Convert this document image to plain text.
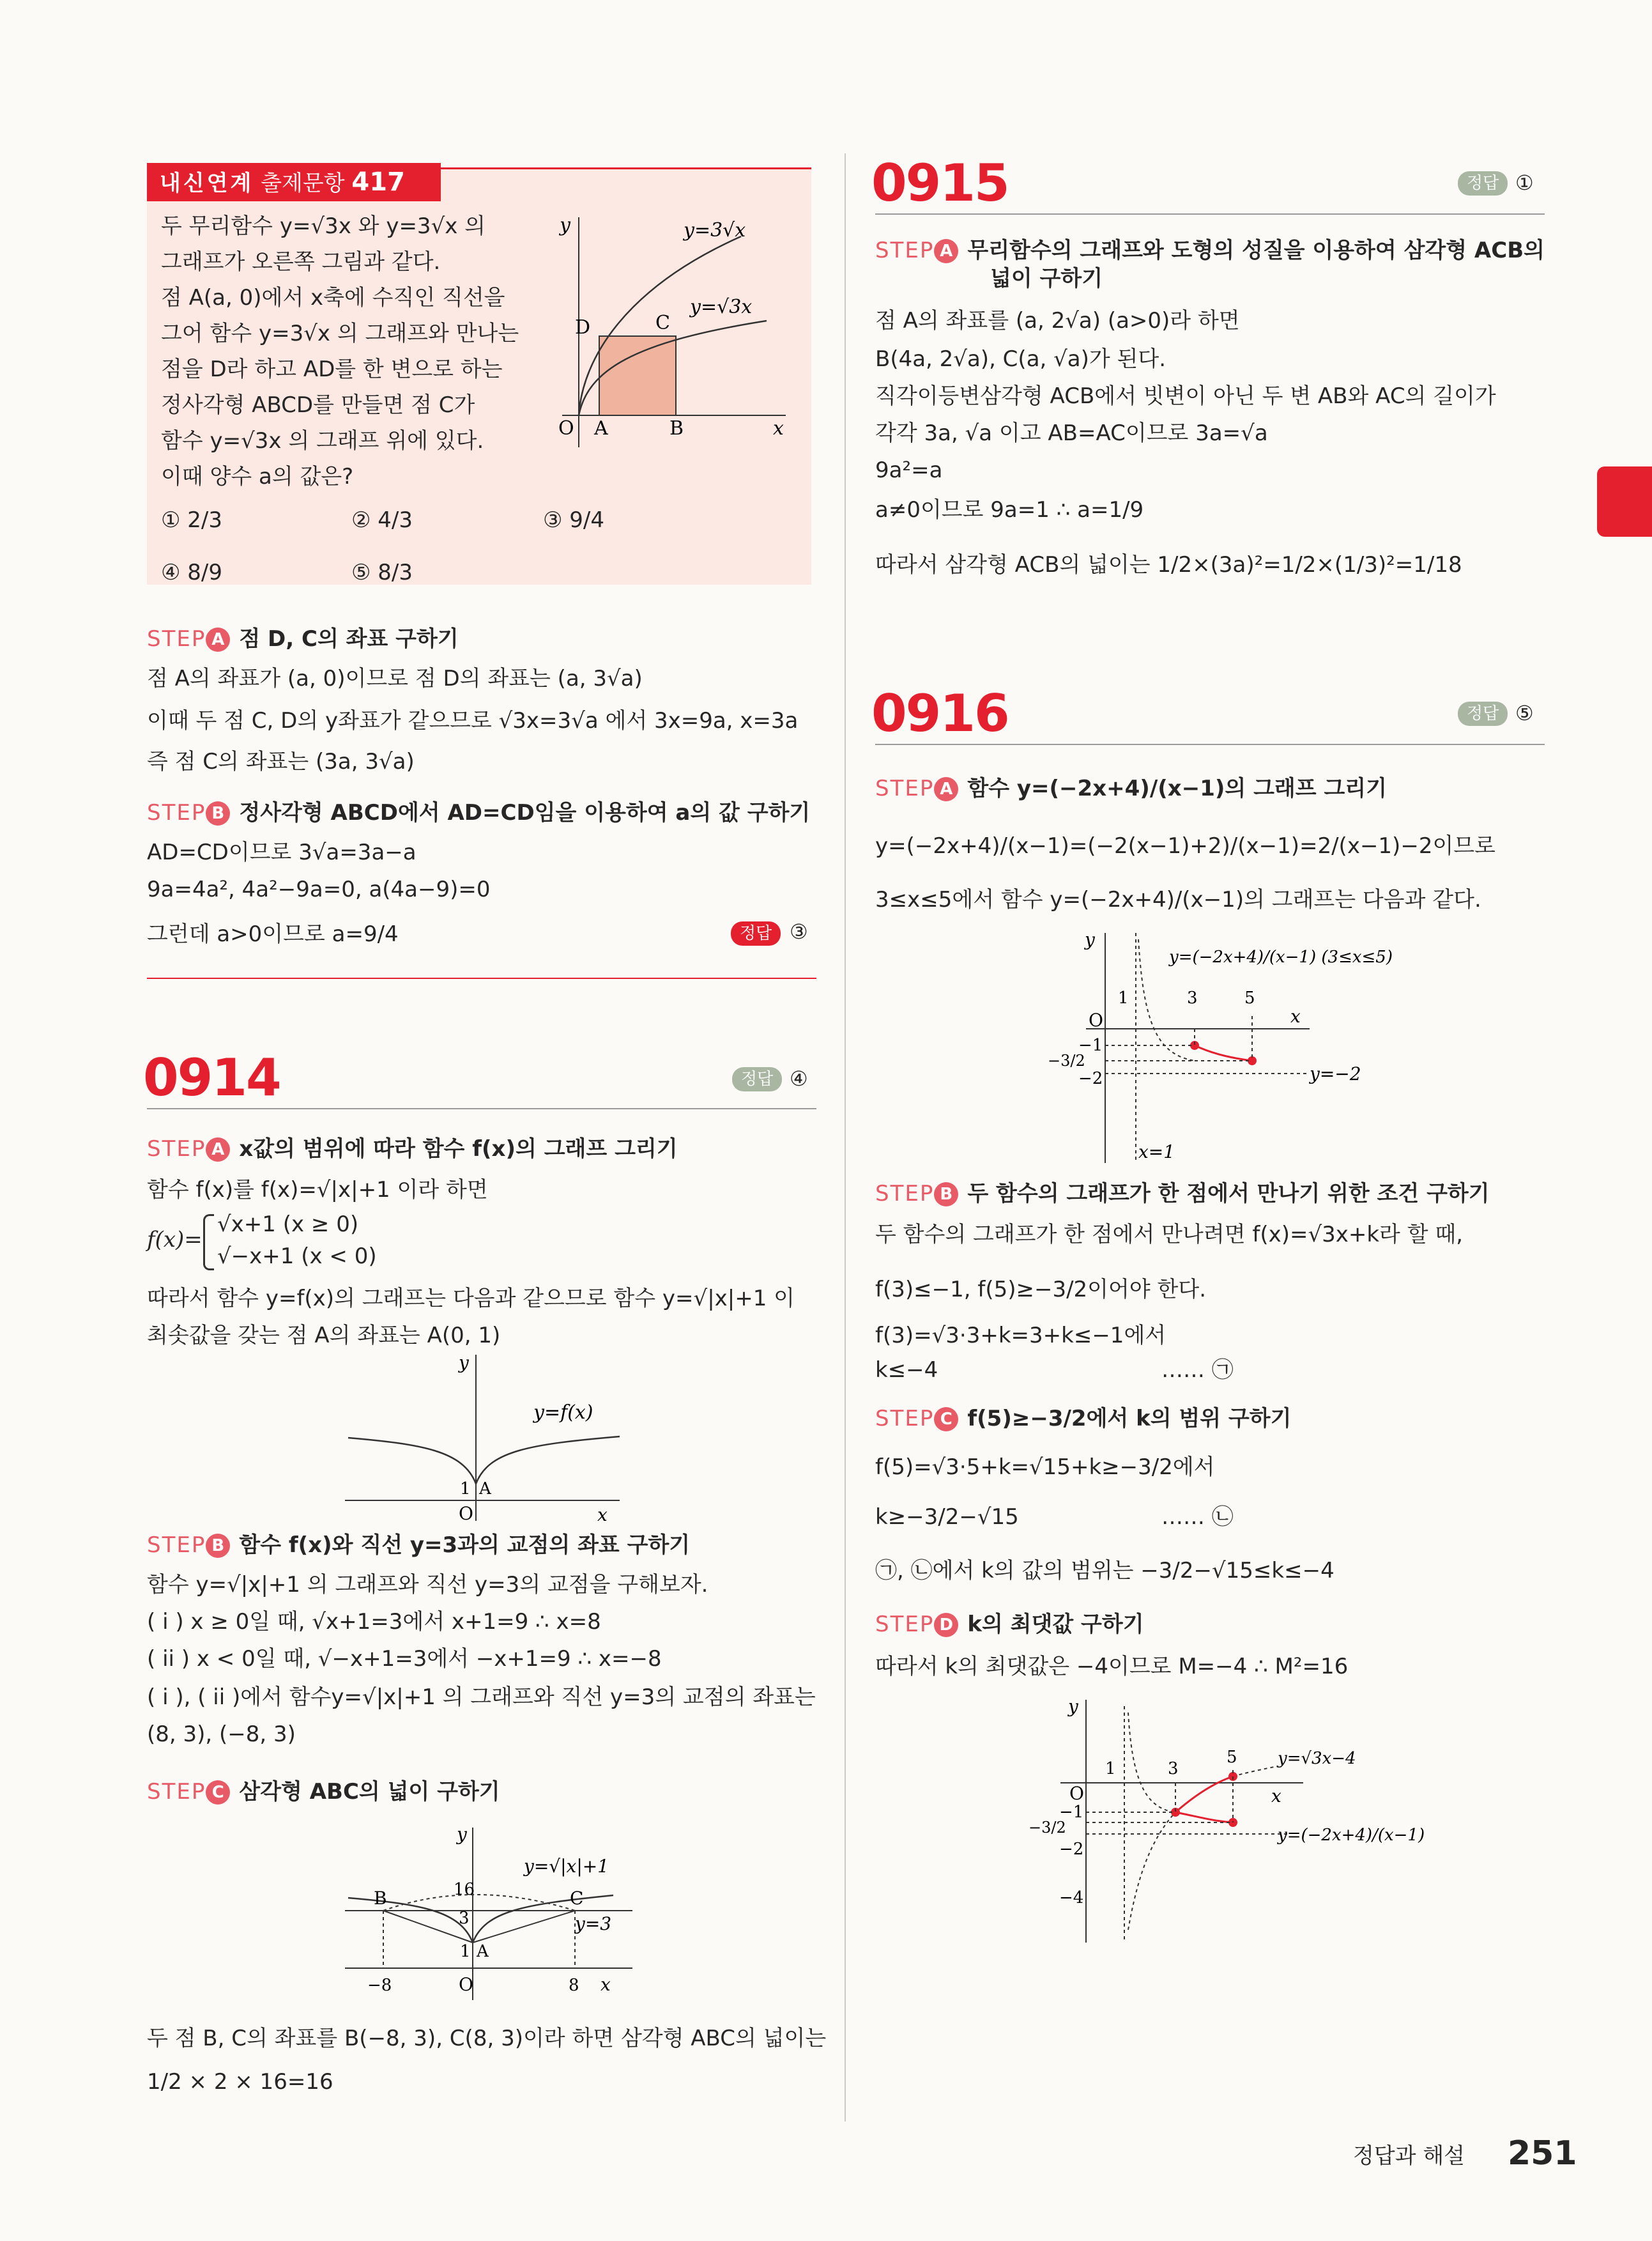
내신연계 출제문항 417
두 무리함수 y=√3x 와 y=3√x 의
그래프가 오른쪽 그림과 같다.
점 A(a, 0)에서 x축에 수직인 직선을
그어 함수 y=3√x 의 그래프와 만나는
점을 D라 하고 AD를 한 변으로 하는
정사각형 ABCD를 만들면 점 C가
함수 y=√3x 의 그래프 위에 있다.
이때 양수 a의 값은?
y
x
O A	B
C
D
y=3√x
y=√3x
① 2/3	② 4/3	③ 9/4
④ 8/9	⑤ 8/3
STEP A 점 D, C의 좌표 구하기
점 A의 좌표가 (a, 0)이므로 점 D의 좌표는 (a, 3√a)
이때 두 점 C, D의 y좌표가 같으므로 √3x=3√a 에서 3x=9a, x=3a
즉 점 C의 좌표는 (3a, 3√a)
STEP B 정사각형 ABCD에서 AD=CD임을 이용하여 a의 값 구하기
AD=CD이므로 3√a=3a−a
9a=4a², 4a²−9a=0, a(4a−9)=0
그런데 a>0이므로 a=9/4	정답 ③
0914	정답 ④
STEP A x값의 범위에 따라 함수 f(x)의 그래프 그리기
함수 f(x)를 f(x)=√|x|+1 이라 하면
f(x)=
√x+1 (x ≥ 0)
√−x+1 (x < 0)
따라서 함수 y=f(x)의 그래프는 다음과 같으므로 함수 y=√|x|+1 이
최솟값을 갖는 점 A의 좌표는 A(0, 1)
y
x
O
1 A
y=f(x)
STEP B 함수 f(x)와 직선 y=3과의 교점의 좌표 구하기
함수 y=√|x|+1 의 그래프와 직선 y=3의 교점을 구해보자.
( i ) x ≥ 0일 때, √x+1=3에서 x+1=9 ∴ x=8
( ii ) x < 0일 때, √−x+1=3에서 −x+1=9 ∴ x=−8
( i ), ( ii )에서 함수y=√|x|+1 의 그래프와 직선 y=3의 교점의 좌표는
(8, 3), (−8, 3)
STEP C 삼각형 ABC의 넓이 구하기
y
x
O
y=√|x|+1
B	C
16
3
1 A
y=3
−8	8
두 점 B, C의 좌표를 B(−8, 3), C(8, 3)이라 하면 삼각형 ABC의 넓이는
1/2 × 2 × 16=16
0915	정답 ①
STEP A 무리함수의 그래프와 도형의 성질을 이용하여 삼각형 ACB의
넓이 구하기
점 A의 좌표를 (a, 2√a) (a>0)라 하면
B(4a, 2√a), C(a, √a)가 된다.
직각이등변삼각형 ACB에서 빗변이 아닌 두 변 AB와 AC의 길이가
각각 3a, √a 이고 AB=AC이므로 3a=√a
9a²=a
a≠0이므로 9a=1 ∴ a=1/9
따라서 삼각형 ACB의 넓이는 1/2×(3a)²=1/2×(1/3)²=1/18
0916	정답 ⑤
STEP A 함수 y=(−2x+4)/(x−1)의 그래프 그리기
y=(−2x+4)/(x−1)=(−2(x−1)+2)/(x−1)=2/(x−1)−2이므로
3≤x≤5에서 함수 y=(−2x+4)/(x−1)의 그래프는 다음과 같다.
y
x
O
y=(−2x+4)/(x−1) (3≤x≤5)
1	3	5
−1
−3/2
−2	y=−2
x=1
STEP B 두 함수의 그래프가 한 점에서 만나기 위한 조건 구하기
두 함수의 그래프가 한 점에서 만나려면 f(x)=√3x+k라 할 때,
f(3)≤−1, f(5)≥−3/2이어야 한다.
f(3)=√3·3+k=3+k≤−1에서
k≤−4	…… ㉠
STEP C f(5)≥−3/2에서 k의 범위 구하기
f(5)=√3·5+k=√15+k≥−3/2에서
k≥−3/2−√15	…… ㉡
㉠, ㉡에서 k의 값의 범위는 −3/2−√15≤k≤−4
STEP D k의 최댓값 구하기
따라서 k의 최댓값은 −4이므로 M=−4 ∴ M²=16
y
x
O
1	3
5
−1
−3/2
−2
−4
y=√3x−4
y=(−2x+4)/(x−1)
정답과 해설 251
